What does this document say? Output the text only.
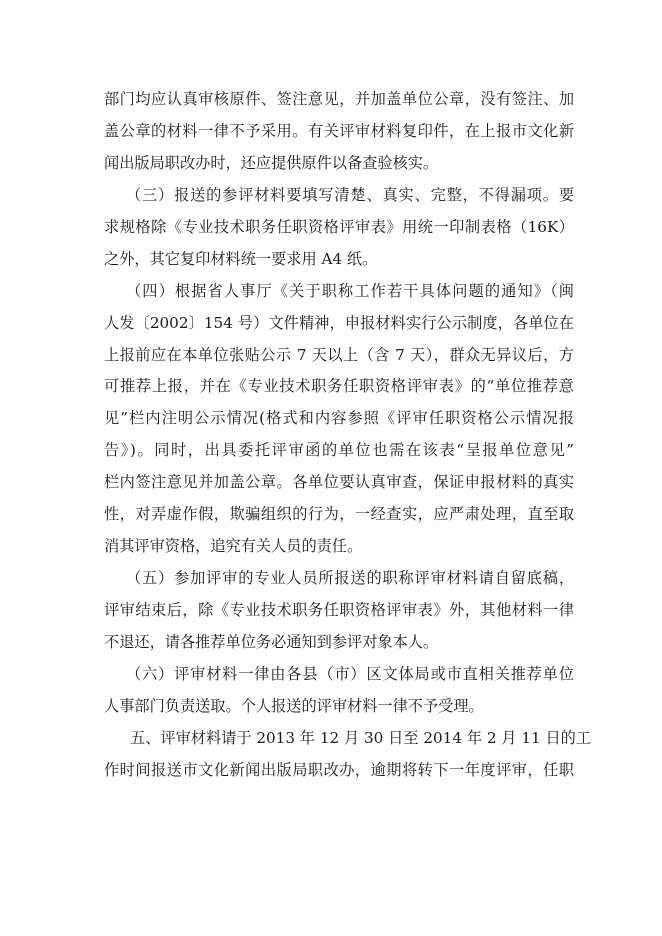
部门均应认真审核原件、签注意见，并加盖单位公章，没有签注、加
盖公章的材料一律不予采用。有关评审材料复印件，在上报市文化新
闻出版局职改办时，还应提供原件以备查验核实。
（三）报送的参评材料要填写清楚、真实、完整，不得漏项。要
求规格除《专业技术职务任职资格评审表》用统一印制表格（16K）
之外，其它复印材料统一要求用 A4 纸。
（四）根据省人事厅《关于职称工作若干具体问题的通知》（闽
人发〔2002〕154 号）文件精神，申报材料实行公示制度，各单位在
上报前应在本单位张贴公示 7 天以上（含 7 天），群众无异议后，方
可推荐上报，并在《专业技术职务任职资格评审表》的“单位推荐意
见”栏内注明公示情况(格式和内容参照《评审任职资格公示情况报
告》)。同时，出具委托评审函的单位也需在该表“呈报单位意见”
栏内签注意见并加盖公章。各单位要认真审查，保证申报材料的真实
性，对弄虚作假，欺骗组织的行为，一经查实，应严肃处理，直至取
消其评审资格，追究有关人员的责任。
（五）参加评审的专业人员所报送的职称评审材料请自留底稿，
评审结束后，除《专业技术职务任职资格评审表》外，其他材料一律
不退还，请各推荐单位务必通知到参评对象本人。
（六）评审材料一律由各县（市）区文体局或市直相关推荐单位
人事部门负责送取。个人报送的评审材料一律不予受理。
五、评审材料请于 2013 年 12 月 30 日至 2014 年 2 月 11 日的工
作时间报送市文化新闻出版局职改办，逾期将转下一年度评审，任职
